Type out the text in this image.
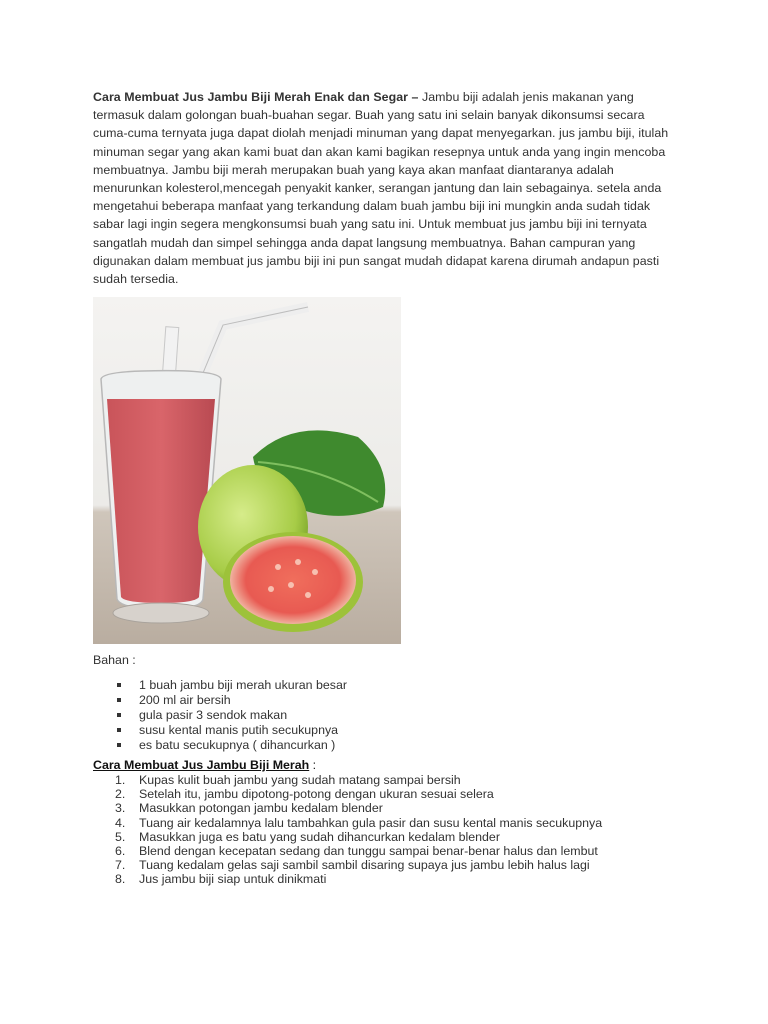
Cara Membuat Jus Jambu Biji Merah Enak dan Segar – Jambu biji adalah jenis makanan yang termasuk dalam golongan buah-buahan segar. Buah yang satu ini selain banyak dikonsumsi secara cuma-cuma ternyata juga dapat diolah menjadi minuman yang dapat menyegarkan. jus jambu biji, itulah minuman segar yang akan kami buat dan akan kami bagikan resepnya untuk anda yang ingin mencoba membuatnya. Jambu biji merah merupakan buah yang kaya akan manfaat diantaranya adalah menurunkan kolesterol,mencegah penyakit kanker, serangan jantung dan lain sebagainya. setela anda mengetahui beberapa manfaat yang terkandung dalam buah jambu biji ini mungkin anda sudah tidak sabar lagi ingin segera mengkonsumsi buah yang satu ini. Untuk membuat jus jambu biji ini ternyata sangatlah mudah dan simpel sehingga anda dapat langsung membuatnya. Bahan campuran yang digunakan dalam membuat jus jambu biji ini pun sangat mudah didapat karena dirumah andapun pasti sudah tersedia.

Bahan :

1 buah jambu biji merah ukuran besar
200 ml air bersih
gula pasir 3 sendok makan
susu kental manis putih secukupnya
es batu secukupnya ( dihancurkan )

Cara Membuat Jus Jambu Biji Merah :

1. Kupas kulit buah jambu yang sudah matang sampai bersih
2. Setelah itu, jambu dipotong-potong dengan ukuran sesuai selera
3. Masukkan potongan jambu kedalam blender
4. Tuang air kedalamnya lalu tambahkan gula pasir dan susu kental manis secukupnya
5. Masukkan juga es batu yang sudah dihancurkan kedalam blender
6. Blend dengan kecepatan sedang dan tunggu sampai benar-benar halus dan lembut
7. Tuang kedalam gelas saji sambil sambil disaring supaya jus jambu lebih halus lagi
8. Jus jambu biji siap untuk dinikmati
